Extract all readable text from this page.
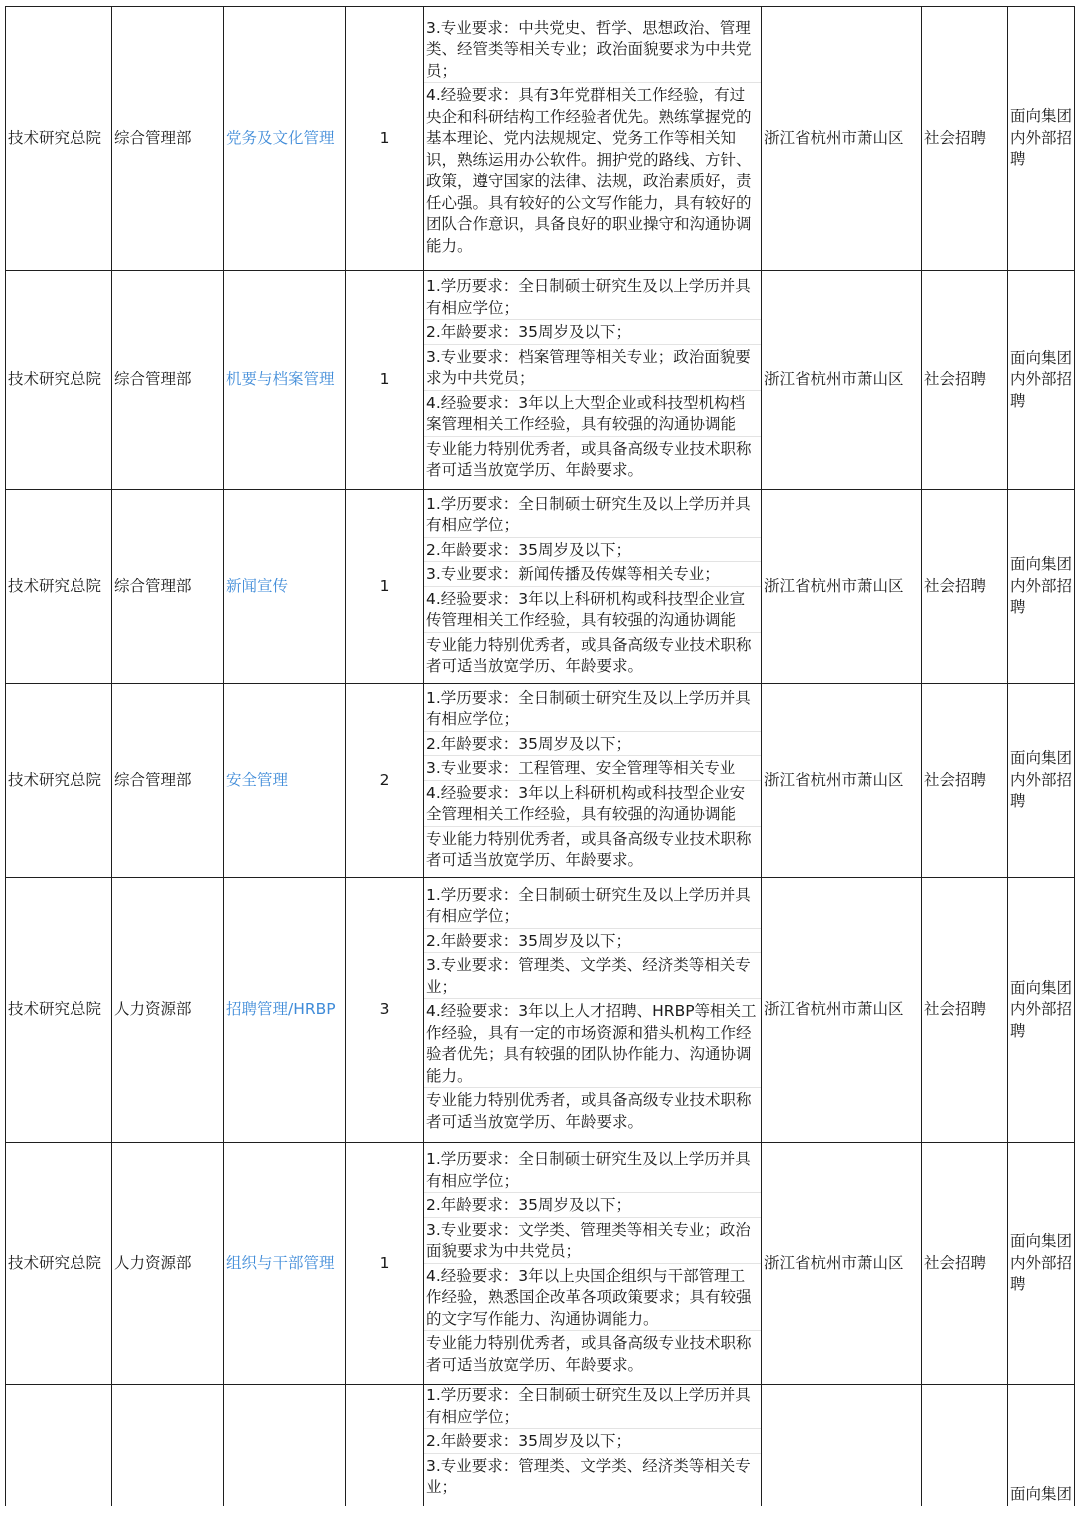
技术研究总院	综合管理部	党务及文化管理	1	3.专业要求：中共党史、哲学、思想政治、管理类、经管类等相关专业；政治面貌要求为中共党员；
4.经验要求：具有3年党群相关工作经验，有过央企和科研结构工作经验者优先。熟练掌握党的基本理论、党内法规规定、党务工作等相关知识，熟练运用办公软件。拥护党的路线、方针、政策，遵守国家的法律、法规，政治素质好，责任心强。具有较好的公文写作能力，具有较好的团队合作意识，具备良好的职业操守和沟通协调能力。	浙江省杭州市萧山区	社会招聘	面向集团内外部招聘
技术研究总院	综合管理部	机要与档案管理	1	1.学历要求：全日制硕士研究生及以上学历并具有相应学位；
2.年龄要求：35周岁及以下；
3.专业要求：档案管理等相关专业；政治面貌要求为中共党员；
4.经验要求：3年以上大型企业或科技型机构档案管理相关工作经验，具有较强的沟通协调能
专业能力特别优秀者，或具备高级专业技术职称者可适当放宽学历、年龄要求。	浙江省杭州市萧山区	社会招聘	面向集团内外部招聘
技术研究总院	综合管理部	新闻宣传	1	1.学历要求：全日制硕士研究生及以上学历并具有相应学位；
2.年龄要求：35周岁及以下；
3.专业要求：新闻传播及传媒等相关专业；
4.经验要求：3年以上科研机构或科技型企业宣传管理相关工作经验，具有较强的沟通协调能
专业能力特别优秀者，或具备高级专业技术职称者可适当放宽学历、年龄要求。	浙江省杭州市萧山区	社会招聘	面向集团内外部招聘
技术研究总院	综合管理部	安全管理	2	1.学历要求：全日制硕士研究生及以上学历并具有相应学位；
2.年龄要求：35周岁及以下；
3.专业要求：工程管理、安全管理等相关专业
4.经验要求：3年以上科研机构或科技型企业安全管理相关工作经验，具有较强的沟通协调能
专业能力特别优秀者，或具备高级专业技术职称者可适当放宽学历、年龄要求。	浙江省杭州市萧山区	社会招聘	面向集团内外部招聘
技术研究总院	人力资源部	招聘管理/HRBP	3	1.学历要求：全日制硕士研究生及以上学历并具有相应学位；
2.年龄要求：35周岁及以下；
3.专业要求：管理类、文学类、经济类等相关专业；
4.经验要求：3年以上人才招聘、HRBP等相关工作经验，具有一定的市场资源和猎头机构工作经验者优先；具有较强的团队协作能力、沟通协调能力。
专业能力特别优秀者，或具备高级专业技术职称者可适当放宽学历、年龄要求。	浙江省杭州市萧山区	社会招聘	面向集团内外部招聘
技术研究总院	人力资源部	组织与干部管理	1	1.学历要求：全日制硕士研究生及以上学历并具有相应学位；
2.年龄要求：35周岁及以下；
3.专业要求：文学类、管理类等相关专业；政治面貌要求为中共党员；
4.经验要求：3年以上央国企组织与干部管理工作经验，熟悉国企改革各项政策要求；具有较强的文字写作能力、沟通协调能力。
专业能力特别优秀者，或具备高级专业技术职称者可适当放宽学历、年龄要求。	浙江省杭州市萧山区	社会招聘	面向集团内外部招聘

				1.学历要求：全日制硕士研究生及以上学历并具有相应学位；
2.年龄要求：35周岁及以下；
3.专业要求：管理类、文学类、经济类等相关专业；			面向集团
